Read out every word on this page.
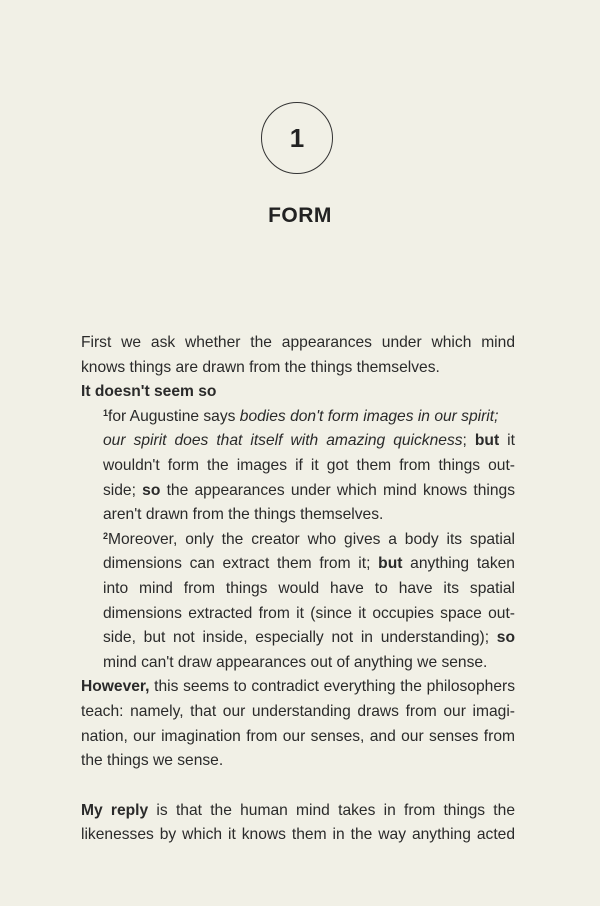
1
FORM
First we ask whether the appearances under which mind
knows things are drawn from the things themselves.
It doesn't seem so
$^1$for Augustine says bodies don't form images in our spirit;
our spirit does that itself with amazing quickness; but it
wouldn't form the images if it got them from things out-
side; so the appearances under which mind knows things
aren't drawn from the things themselves.
$^2$Moreover, only the creator who gives a body its spatial
dimensions can extract them from it; but anything taken
into mind from things would have to have its spatial
dimensions extracted from it (since it occupies space out-
side, but not inside, especially not in understanding); so
mind can't draw appearances out of anything we sense.
However, this seems to contradict everything the philosophers
teach: namely, that our understanding draws from our imagi-
nation, our imagination from our senses, and our senses from
the things we sense.
My reply is that the human mind takes in from things the
likenesses by which it knows them in the way anything acted
